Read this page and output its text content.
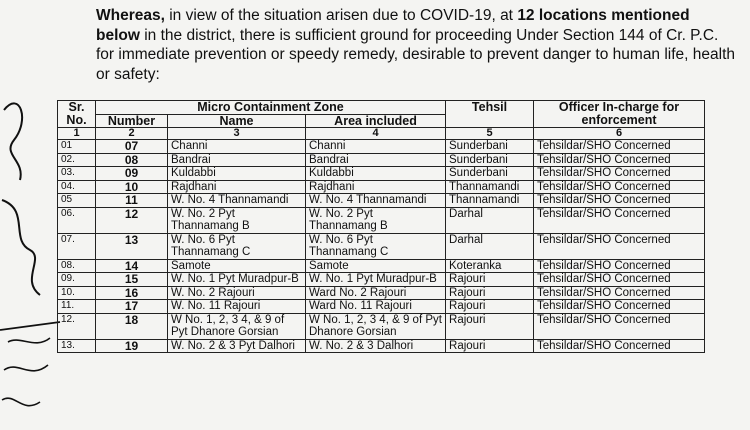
Whereas, in view of the situation arisen due to COVID-19, at 12 locations mentioned below in the district, there is sufficient ground for proceeding Under Section 144 of Cr. P.C. for immediate prevention or speedy remedy, desirable to prevent danger to human life, health or safety:
Sr. No.	Micro Containment Zone			Tehsil	Officer In-charge for enforcement
	Number	Name	Area included		
1	2	3	4	5	6
01	07	Channi	Channi	Sunderbani	Tehsildar/SHO Concerned
02.	08	Bandrai	Bandrai	Sunderbani	Tehsildar/SHO Concerned
03.	09	Kuldabbi	Kuldabbi	Sunderbani	Tehsildar/SHO Concerned
04.	10	Rajdhani	Rajdhani	Thannamandi	Tehsildar/SHO Concerned
05	11	W. No. 4 Thannamandi	W. No. 4 Thannamandi	Thannamandi	Tehsildar/SHO Concerned
06.	12	W. No. 2 Pyt Thannamang B	W. No. 2 Pyt Thannamang B	Darhal	Tehsildar/SHO Concerned
07.	13	W. No. 6 Pyt Thannamang C	W. No. 6 Pyt Thannamang C	Darhal	Tehsildar/SHO Concerned
08.	14	Samote	Samote	Koteranka	Tehsildar/SHO Concerned
09.	15	W. No. 1 Pyt Muradpur-B	W. No. 1 Pyt Muradpur-B	Rajouri	Tehsildar/SHO Concerned
10.	16	W. No. 2 Rajouri	Ward No. 2 Rajouri	Rajouri	Tehsildar/SHO Concerned
11.	17	W. No. 11 Rajouri	Ward No. 11 Rajouri	Rajouri	Tehsildar/SHO Concerned
12.	18	W No. 1, 2, 3 4, & 9 of Pyt Dhanore Gorsian	W No. 1, 2, 3 4, & 9 of Pyt Dhanore Gorsian	Rajouri	Tehsildar/SHO Concerned
13.	19	W. No. 2 & 3 Pyt Dalhori	W. No. 2 & 3 Dalhori	Rajouri	Tehsildar/SHO Concerned
